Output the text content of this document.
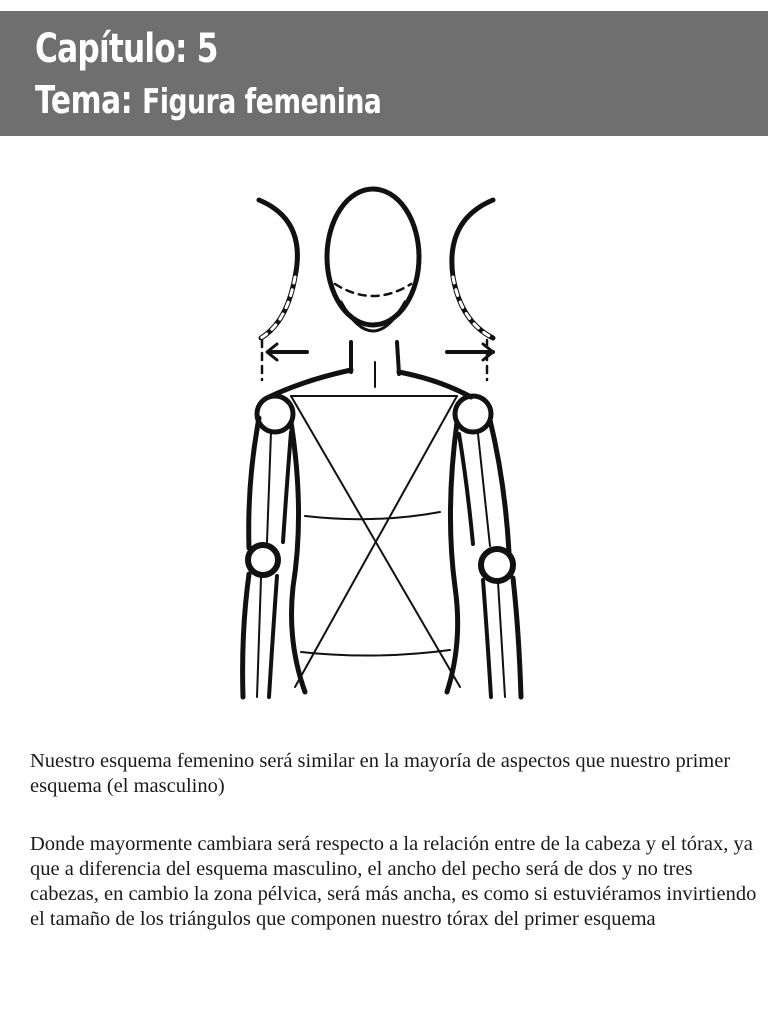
Capítulo: 5
Tema: Figura femenina

Nuestro esquema femenino será similar en la mayoría de aspectos que nuestro primer esquema (el masculino)

Donde mayormente cambiara será respecto a la relación entre de la cabeza y el tórax, ya que a diferencia del esquema masculino, el ancho del pecho será de dos y no tres cabezas, en cambio la zona pélvica, será más ancha, es como si estuviéramos invirtiendo el tamaño de los triángulos que componen nuestro tórax del primer esquema
